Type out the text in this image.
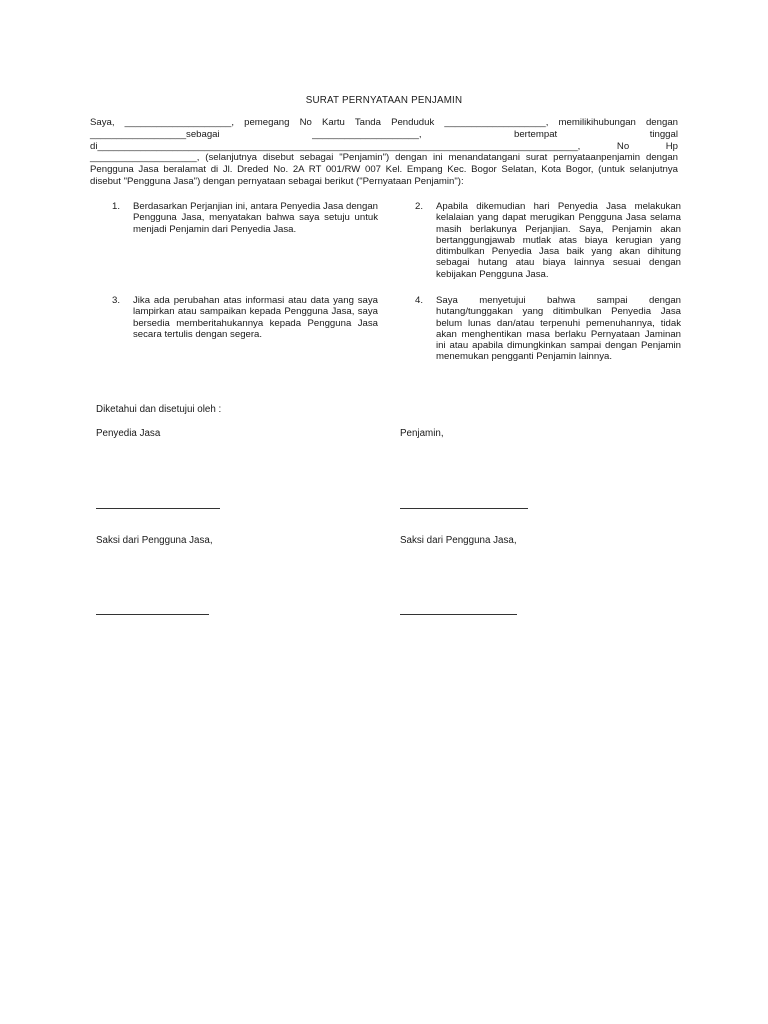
SURAT PERNYATAAN PENJAMIN
Saya, ____________________, pemegang No Kartu Tanda Penduduk ___________________, memilikihubungan dengan
__________________sebagai	____________________,	bertempat	tinggal
di__________________________________________________________________________________________,	No	Hp
____________________, (selanjutnya disebut sebagai "Penjamin") dengan ini menandatangani surat pernyataanpenjamin dengan
Pengguna Jasa beralamat di Jl. Dreded No. 2A RT 001/RW 007 Kel. Empang Kec. Bogor Selatan, Kota Bogor, (untuk selanjutnya
disebut "Pengguna Jasa") dengan pernyataan sebagai berikut ("Pernyataan Penjamin"):
1. Berdasarkan Perjanjian ini, antara Penyedia Jasa dengan Pengguna Jasa, menyatakan bahwa saya setuju untuk menjadi Penjamin dari Penyedia Jasa.
2. Apabila dikemudian hari Penyedia Jasa melakukan kelalaian yang dapat merugikan Pengguna Jasa selama masih berlakunya Perjanjian. Saya, Penjamin akan bertanggungjawab mutlak atas biaya kerugian yang ditimbulkan Penyedia Jasa baik yang akan dihitung sebagai hutang atau biaya lainnya sesuai dengan kebijakan Pengguna Jasa.
3. Jika ada perubahan atas informasi atau data yang saya lampirkan atau sampaikan kepada Pengguna Jasa, saya bersedia memberitahukannya kepada Pengguna Jasa secara tertulis dengan segera.
4. Saya menyetujui bahwa sampai dengan hutang/tunggakan yang ditimbulkan Penyedia Jasa belum lunas dan/atau terpenuhi pemenuhannya, tidak akan menghentikan masa berlaku Pernyataan Jaminan ini atau apabila dimungkinkan sampai dengan Penjamin menemukan pengganti Penjamin lainnya.
Diketahui dan disetujui oleh :
Penyedia Jasa	Penjamin,
Saksi dari Pengguna Jasa,	Saksi dari Pengguna Jasa,
